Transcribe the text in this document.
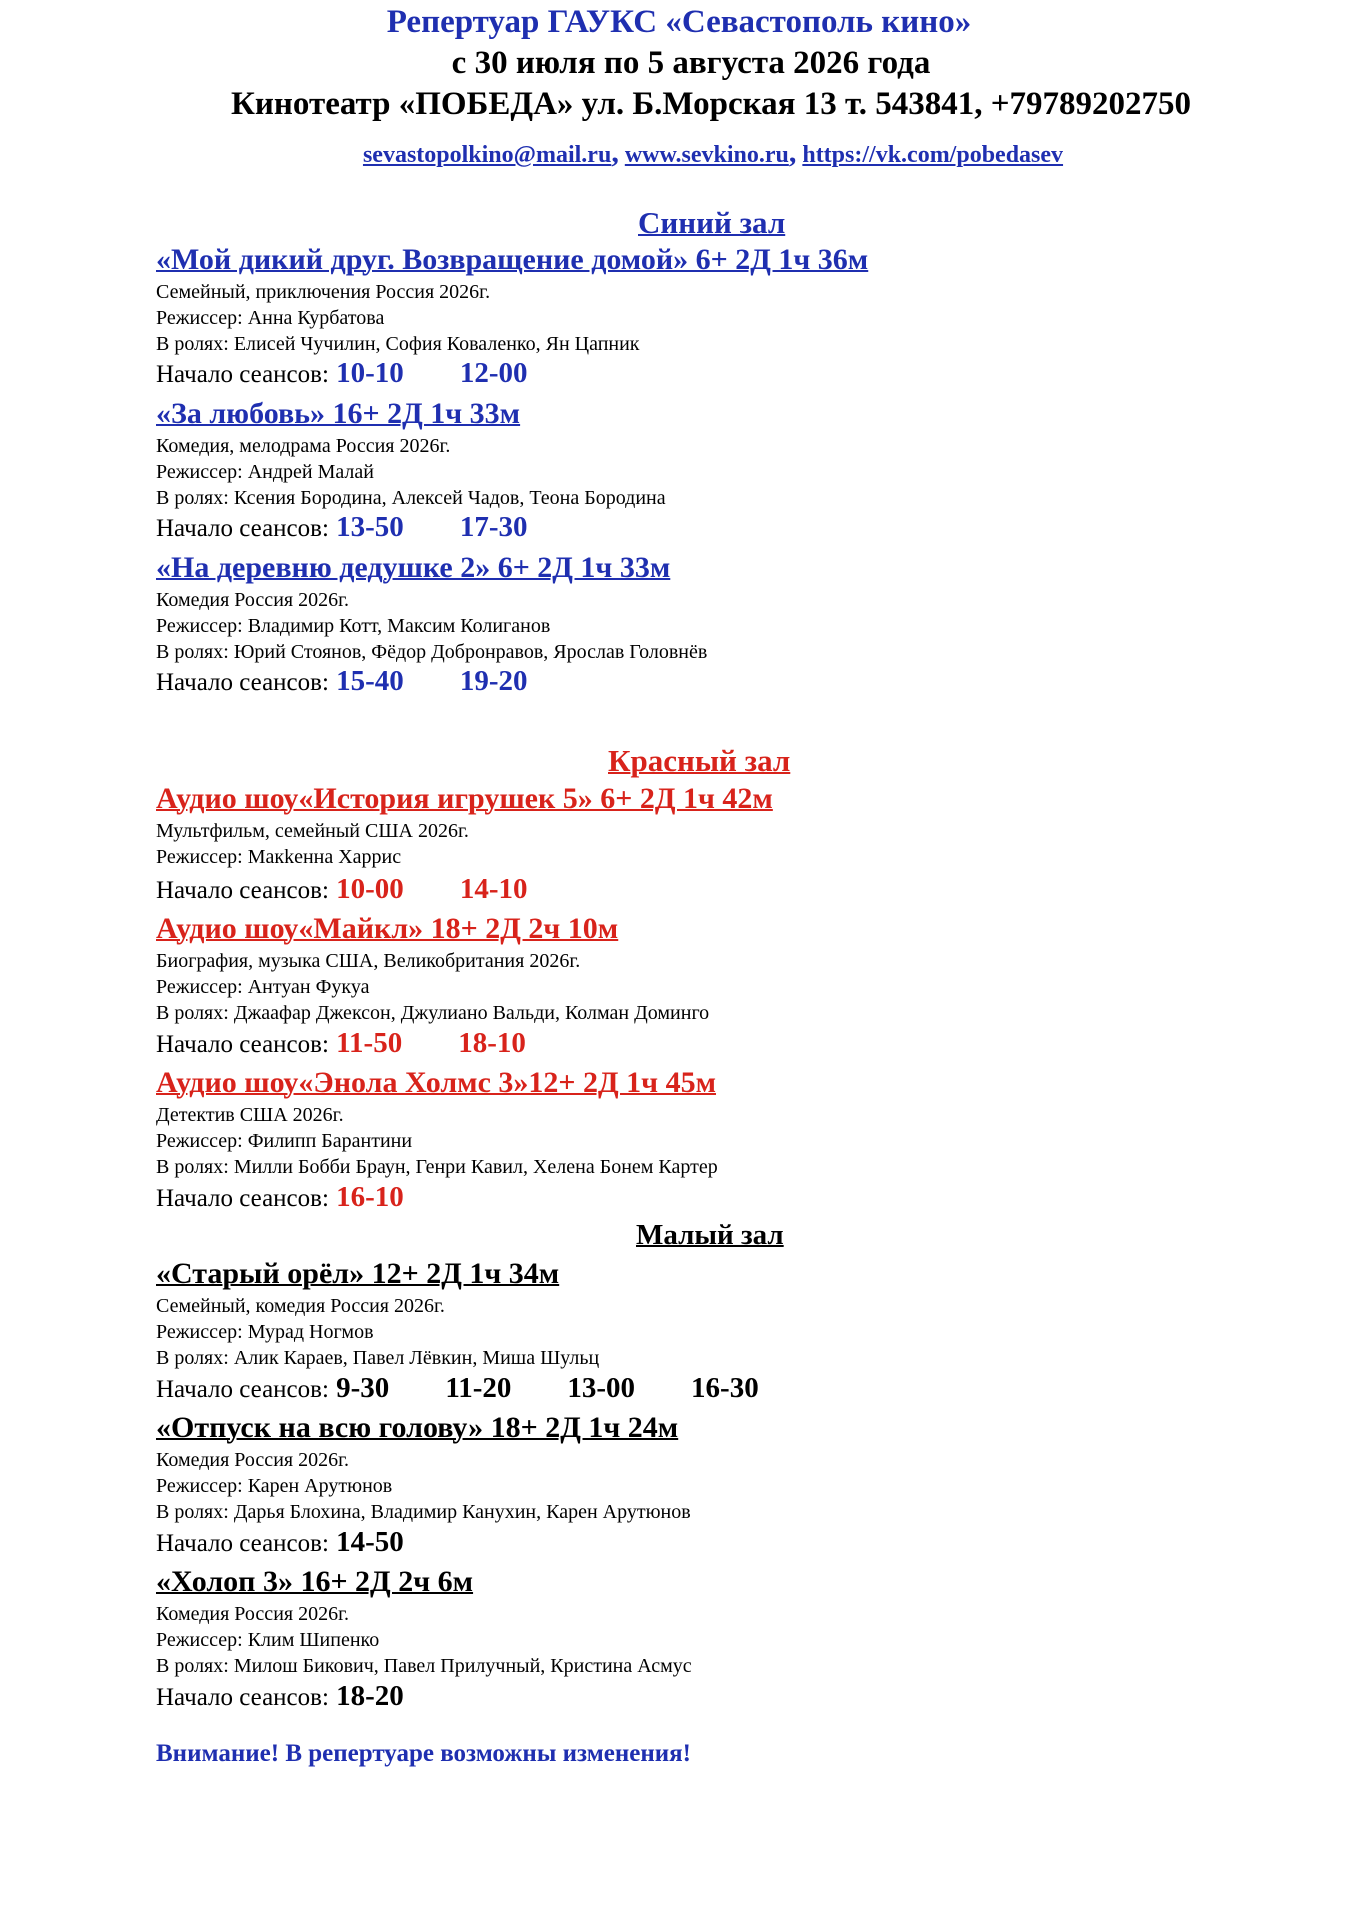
Репертуар ГАУКС «Севастополь кино»
с 30 июля по 5 августа 2026 года
Кинотеатр «ПОБЕДА» ул. Б.Морская 13 т. 543841, +79789202750
sevastopolkino@mail.ru, www.sevkino.ru, https://vk.com/pobedasev
Синий зал
«Мой дикий друг. Возвращение домой» 6+ 2Д 1ч 36м
Семейный, приключения Россия 2026г.
Режиссер: Анна Курбатова
В ролях: Елисей Чучилин, София Коваленко, Ян Цапник
Начало сеансов: 10-10 12-00
«За любовь» 16+ 2Д 1ч 33м
Комедия, мелодрама Россия 2026г.
Режиссер: Андрей Малай
В ролях: Ксения Бородина, Алексей Чадов, Теона Бородина
Начало сеансов: 13-50 17-30
«На деревню дедушке 2» 6+ 2Д 1ч 33м
Комедия Россия 2026г.
Режиссер: Владимир Котт, Максим Колиганов
В ролях: Юрий Стоянов, Фёдор Добронравов, Ярослав Головнёв
Начало сеансов: 15-40 19-20
Красный зал
Аудио шоу«История игрушек 5» 6+ 2Д 1ч 42м
Мультфильм, семейный США 2026г.
Режиссер: Макkенна Харрис
Начало сеансов: 10-00 14-10
Аудио шоу«Майкл» 18+ 2Д 2ч 10м
Биография, музыка США, Великобритания 2026г.
Режиссер: Антуан Фукуа
В ролях: Джаафар Джексон, Джулиано Вальди, Колман Доминго
Начало сеансов: 11-50 18-10
Аудио шоу«Энола Холмс 3»12+ 2Д 1ч 45м
Детектив США 2026г.
Режиссер: Филипп Барантини
В ролях: Милли Бобби Браун, Генри Кавил, Хелена Бонем Картер
Начало сеансов: 16-10
Малый зал
«Старый орёл» 12+ 2Д 1ч 34м
Семейный, комедия Россия 2026г.
Режиссер: Мурад Ногмов
В ролях: Алик Караев, Павел Лёвкин, Миша Шульц
Начало сеансов: 9-30 11-20 13-00 16-30
«Отпуск на всю голову» 18+ 2Д 1ч 24м
Комедия Россия 2026г.
Режиссер: Карен Арутюнов
В ролях: Дарья Блохина, Владимир Канухин, Карен Арутюнов
Начало сеансов: 14-50
«Холоп 3» 16+ 2Д 2ч 6м
Комедия Россия 2026г.
Режиссер: Клим Шипенко
В ролях: Милош Бикович, Павел Прилучный, Кристина Асмус
Начало сеансов: 18-20
Внимание! В репертуаре возможны изменения!
